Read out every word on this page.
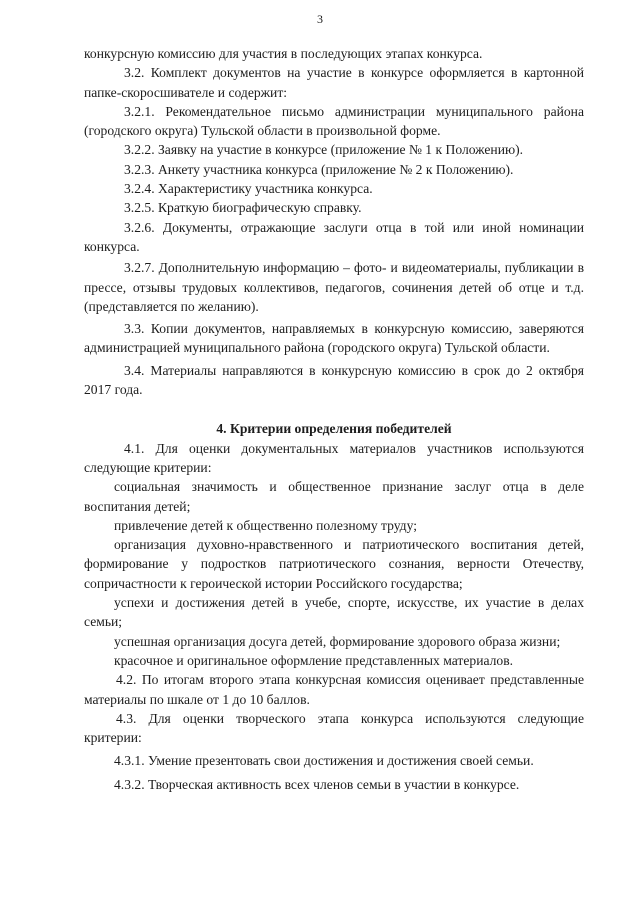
3

конкурсную комиссию для участия в последующих этапах конкурса.

3.2. Комплект документов на участие в конкурсе оформляется в картонной папке-скоросшивателе и содержит:

3.2.1. Рекомендательное письмо администрации муниципального района (городского округа) Тульской области в произвольной форме.

3.2.2. Заявку на участие в конкурсе (приложение № 1 к Положению).

3.2.3. Анкету участника конкурса (приложение № 2 к Положению).

3.2.4. Характеристику участника конкурса.

3.2.5. Краткую биографическую справку.

3.2.6. Документы, отражающие заслуги отца в той или иной номинации конкурса.

3.2.7. Дополнительную информацию – фото- и видеоматериалы, публикации в прессе, отзывы трудовых коллективов, педагогов, сочинения детей об отце и т.д. (представляется по желанию).

3.3. Копии документов, направляемых в конкурсную комиссию, заверяются администрацией муниципального района (городского округа) Тульской области.

3.4. Материалы направляются в конкурсную комиссию в срок до 2 октября 2017 года.

4. Критерии определения победителей

4.1. Для оценки документальных материалов участников используются следующие критерии:

социальная значимость и общественное признание заслуг отца в деле воспитания детей;

привлечение детей к общественно полезному труду;

организация духовно-нравственного и патриотического воспитания детей, формирование у подростков патриотического сознания, верности Отечеству, сопричастности к героической истории Российского государства;

успехи и достижения детей в учебе, спорте, искусстве, их участие в делах семьи;

успешная организация досуга детей, формирование здорового образа жизни;

красочное и оригинальное оформление представленных материалов.

4.2. По итогам второго этапа конкурсная комиссия оценивает представленные материалы по шкале от 1 до 10 баллов.

4.3. Для оценки творческого этапа конкурса используются следующие критерии:

4.3.1. Умение презентовать свои достижения и достижения своей семьи.

4.3.2. Творческая активность всех членов семьи в участии в конкурсе.
